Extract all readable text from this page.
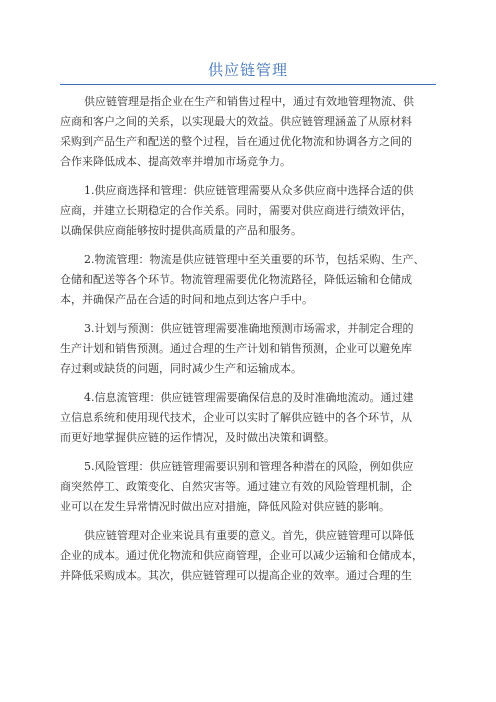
供应链管理

供应链管理是指企业在生产和销售过程中，通过有效地管理物流、供
应商和客户之间的关系，以实现最大的效益。供应链管理涵盖了从原材料
采购到产品生产和配送的整个过程，旨在通过优化物流和协调各方之间的
合作来降低成本、提高效率并增加市场竞争力。

1.供应商选择和管理：供应链管理需要从众多供应商中选择合适的供
应商，并建立长期稳定的合作关系。同时，需要对供应商进行绩效评估，
以确保供应商能够按时提供高质量的产品和服务。

2.物流管理：物流是供应链管理中至关重要的环节，包括采购、生产、
仓储和配送等各个环节。物流管理需要优化物流路径，降低运输和仓储成
本，并确保产品在合适的时间和地点到达客户手中。

3.计划与预测：供应链管理需要准确地预测市场需求，并制定合理的
生产计划和销售预测。通过合理的生产计划和销售预测，企业可以避免库
存过剩或缺货的问题，同时减少生产和运输成本。

4.信息流管理：供应链管理需要确保信息的及时准确地流动。通过建
立信息系统和使用现代技术，企业可以实时了解供应链中的各个环节，从
而更好地掌握供应链的运作情况，及时做出决策和调整。

5.风险管理：供应链管理需要识别和管理各种潜在的风险，例如供应
商突然停工、政策变化、自然灾害等。通过建立有效的风险管理机制，企
业可以在发生异常情况时做出应对措施，降低风险对供应链的影响。

供应链管理对企业来说具有重要的意义。首先，供应链管理可以降低
企业的成本。通过优化物流和供应商管理，企业可以减少运输和仓储成本，
并降低采购成本。其次，供应链管理可以提高企业的效率。通过合理的生
